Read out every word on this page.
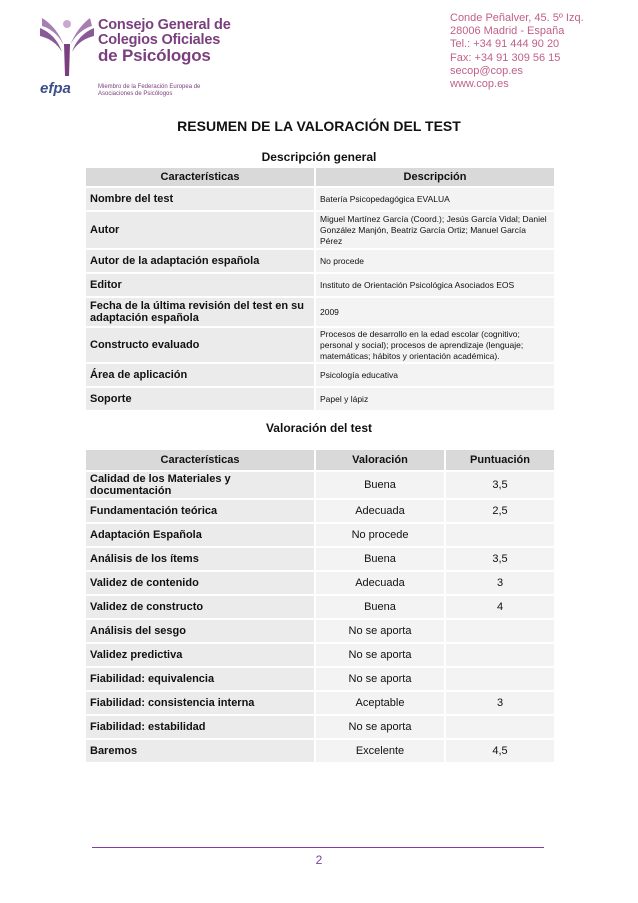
Consejo General de
Colegios Oficiales
de Psicólogos
efpa	Miembro de la Federación Europea de Asociaciones de Psicólogos
Conde Peñalver, 45. 5º Izq.
28006 Madrid - España
Tel.: +34 91 444 90 20
Fax: +34 91 309 56 15
secop@cop.es
www.cop.es
RESUMEN DE LA VALORACIÓN DEL TEST
Descripción general
Características	Descripción
Nombre del test	Batería Psicopedagógica EVALUA
Autor	Miguel Martínez García (Coord.); Jesús García Vidal; Daniel González Manjón, Beatriz García Ortiz; Manuel García Pérez
Autor de la adaptación española	No procede
Editor	Instituto de Orientación Psicológica Asociados EOS
Fecha de la última revisión del test en su adaptación española	2009
Constructo evaluado	Procesos de desarrollo en la edad escolar (cognitivo; personal y social); procesos de aprendizaje (lenguaje; matemáticas; hábitos y orientación académica).
Área de aplicación	Psicología educativa
Soporte	Papel y lápiz
Valoración del test
Características	Valoración	Puntuación
Calidad de los Materiales y documentación	Buena	3,5
Fundamentación teórica	Adecuada	2,5
Adaptación Española	No procede	
Análisis de los ítems	Buena	3,5
Validez de contenido	Adecuada	3
Validez de constructo	Buena	4
Análisis del sesgo	No se aporta	
Validez predictiva	No se aporta	
Fiabilidad: equivalencia	No se aporta	
Fiabilidad: consistencia interna	Aceptable	3
Fiabilidad: estabilidad	No se aporta	
Baremos	Excelente	4,5
2
